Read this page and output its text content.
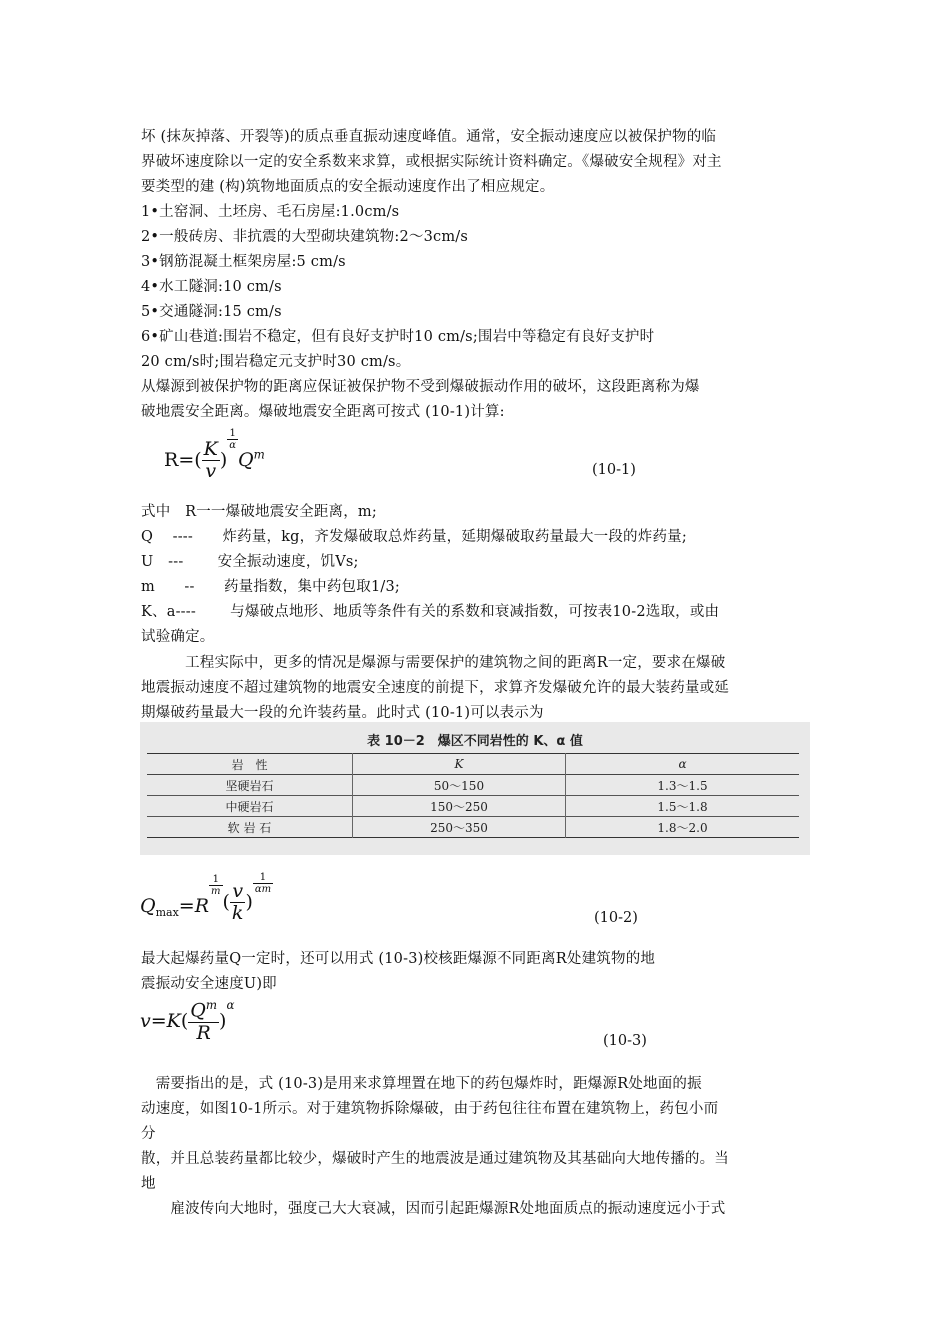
坏 (抹灰掉落、开裂等)的质点垂直振动速度峰值。通常，安全振动速度应以被保护物的临
界破坏速度除以一定的安全系数来求算，或根据实际统计资料确定。《爆破安全规程》对主
要类型的建 (构)筑物地面质点的安全振动速度作出了相应规定。
1•土窑洞、土坯房、毛石房屋:1.0cm/s
2•一般砖房、非抗震的大型砌块建筑物:2〜3cm/s
3•钢筋混凝土框架房屋:5 cm/s
4•水工隧洞:10 cm/s
5•交通隧洞:15 cm/s
6•矿山巷道:围岩不稳定，但有良好支护时10 cm/s;围岩中等稳定有良好支护时
20 cm/s时;围岩稳定元支护时30 cm/s。
从爆源到被保护物的距离应保证被保护物不受到爆破振动作用的破坏，这段距离称为爆
破地震安全距离。爆破地震安全距离可按式 (10-1)计算:
$R=( \frac{K}{v}$ )
$\frac{1}{\alpha}$
$Q^m$
(10-1)
式中　R一一爆破地震安全距离，m;
Q　 ----　　炸药量，kg，齐发爆破取总炸药量，延期爆破取药量最大一段的炸药量;
U　---　　 安全振动速度，饥Vs;
m　　--　　药量指数，集中药包取1/3;
K、a----　　 与爆破点地形、地质等条件有关的系数和衰减指数，可按表10-2选取，或由
试验确定。
　　　工程实际中，更多的情况是爆源与需要保护的建筑物之间的距离R一定，要求在爆破
地震振动速度不超过建筑物的地震安全速度的前提下，求算齐发爆破允许的最大装药量或延
期爆破药量最大一段的允许装药量。此时式 (10-1)可以表示为
表 10－2　爆区不同岩性的 K、α 值
岩　性	K	α
坚硬岩石	50～150	1.3～1.5
中硬岩石	150～250	1.5～1.8
软 岩 石	250～350	1.8～2.0
$Q_{max}=R$
$\frac{1}{m}$
( $\frac{v}{k}$ )
$\frac{1}{\alpha m}$
(10-2)
最大起爆药量Q一定时，还可以用式 (10-3)校核距爆源不同距离R处建筑物的地
震振动安全速度U)即
$v=K( \frac{Q^m}{R} )^\alpha$
(10-3)
　需要指出的是，式 (10-3)是用来求算埋置在地下的药包爆炸时，距爆源R处地面的振
动速度，如图10-1所示。对于建筑物拆除爆破，由于药包往往布置在建筑物上，药包小而
分
散，并且总装药量都比较少，爆破时产生的地震波是通过建筑物及其基础向大地传播的。当
地
　　雇波传向大地时，强度己大大衰减，因而引起距爆源R处地面质点的振动速度远小于式
